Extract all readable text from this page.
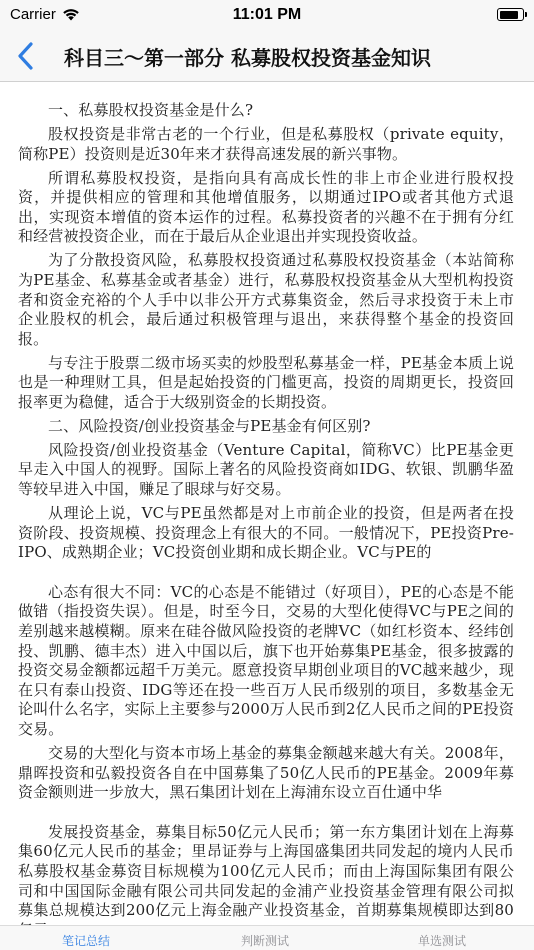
Carrier	11:01 PM
科目三～第一部分 私募股权投资基金知识

一、私募股权投资基金是什么?

股权投资是非常古老的一个行业，但是私募股权（private equity，简称PE）投资则是近30年来才获得高速发展的新兴事物。

所谓私募股权投资，是指向具有高成长性的非上市企业进行股权投资，并提供相应的管理和其他增值服务，以期通过IPO或者其他方式退出，实现资本增值的资本运作的过程。私募投资者的兴趣不在于拥有分红和经营被投资企业，而在于最后从企业退出并实现投资收益。

为了分散投资风险，私募股权投资通过私募股权投资基金（本站简称为PE基金、私募基金或者基金）进行，私募股权投资基金从大型机构投资者和资金充裕的个人手中以非公开方式募集资金，然后寻求投资于未上市企业股权的机会，最后通过积极管理与退出，来获得整个基金的投资回报。

与专注于股票二级市场买卖的炒股型私募基金一样，PE基金本质上说也是一种理财工具，但是起始投资的门槛更高，投资的周期更长，投资回报率更为稳健，适合于大级别资金的长期投资。

二、风险投资/创业投资基金与PE基金有何区别?

风险投资/创业投资基金（Venture Capital，简称VC）比PE基金更早走入中国人的视野。国际上著名的风险投资商如IDG、软银、凯鹏华盈等较早进入中国，赚足了眼球与好交易。

从理论上说，VC与PE虽然都是对上市前企业的投资，但是两者在投资阶段、投资规模、投资理念上有很大的不同。一般情况下，PE投资Pre-IPO、成熟期企业；VC投资创业期和成长期企业。VC与PE的

心态有很大不同：VC的心态是不能错过（好项目），PE的心态是不能做错（指投资失误）。但是，时至今日，交易的大型化使得VC与PE之间的差别越来越模糊。原来在硅谷做风险投资的老牌VC（如红杉资本、经纬创投、凯鹏、德丰杰）进入中国以后，旗下也开始募集PE基金，很多披露的投资交易金额都远超千万美元。愿意投资早期创业项目的VC越来越少，现在只有泰山投资、IDG等还在投一些百万人民币级别的项目，多数基金无论叫什么名字，实际上主要参与2000万人民币到2亿人民币之间的PE投资交易。

交易的大型化与资本市场上基金的募集金额越来越大有关。2008年，鼎晖投资和弘毅投资各自在中国募集了50亿人民币的PE基金。2009年募资金额则进一步放大，黑石集团计划在上海浦东设立百仕通中华

发展投资基金，募集目标50亿元人民币；第一东方集团计划在上海募集60亿元人民币的基金；里昂证券与上海国盛集团共同发起的境内人民币私募股权基金募资目标规模为100亿元人民币；而由上海国际集团有限公司和中国国际金融有限公司共同发起的金浦产业投资基金管理有限公司拟募集总规模达到200亿元上海金融产业投资基金，首期募集规模即达到80

笔记总结	判断测试	单选测试
